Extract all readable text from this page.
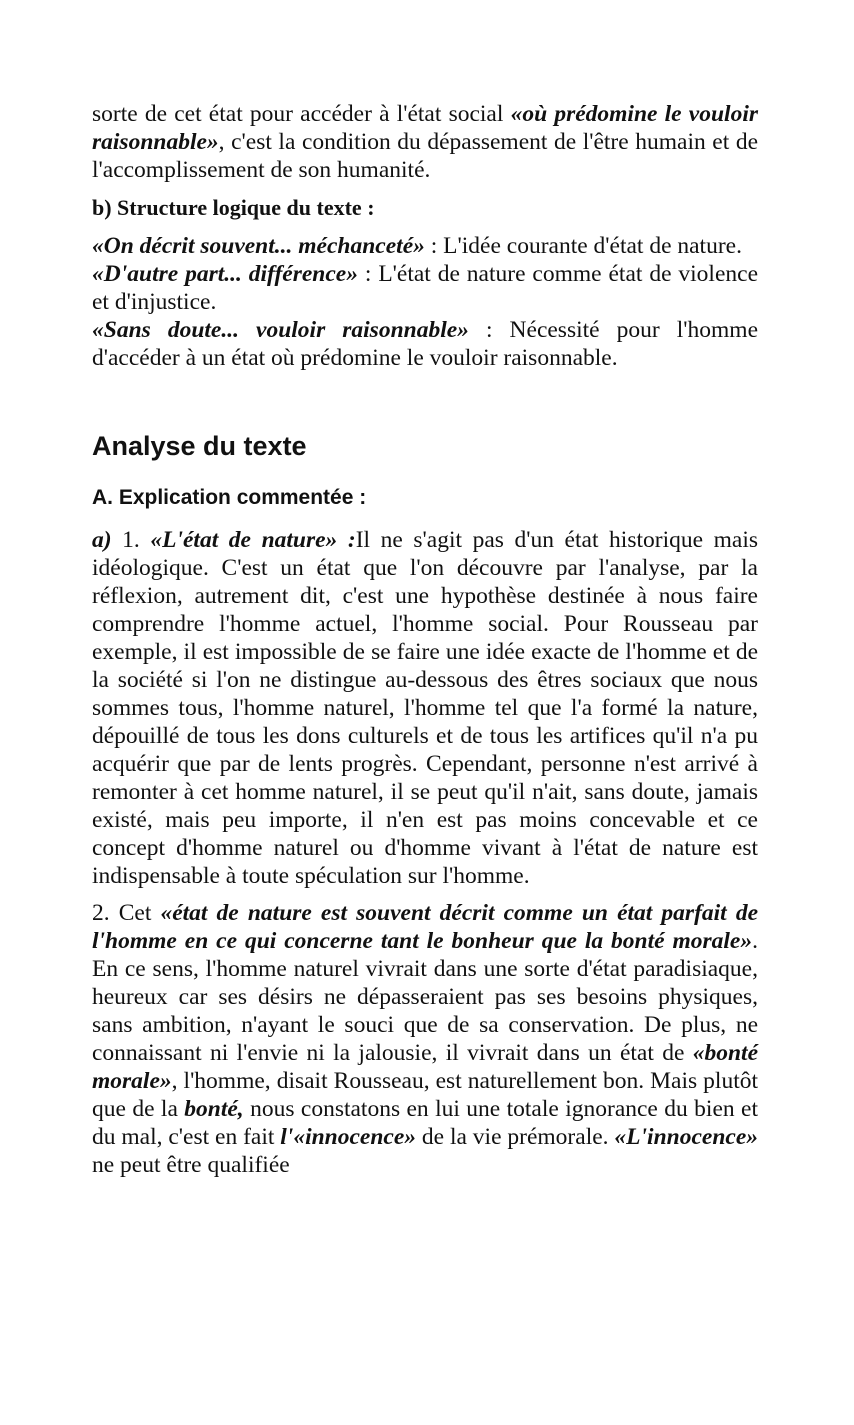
sorte de cet état pour accéder à l'état social «où prédomine le vouloir raisonnable», c'est la condition du dépassement de l'être humain et de l'accomplissement de son humanité.

b) Structure logique du texte :

«On décrit souvent... méchanceté» : L'idée courante d'état de nature.

«D'autre part... différence» : L'état de nature comme état de violence et d'injustice.

«Sans doute... vouloir raisonnable» : Nécessité pour l'homme d'accéder à un état où prédomine le vouloir raisonnable.

Analyse du texte
A. Explication commentée :

a) 1. «L'état de nature» :Il ne s'agit pas d'un état historique mais idéologique. C'est un état que l'on découvre par l'analyse, par la réflexion, autrement dit, c'est une hypothèse destinée à nous faire comprendre l'homme actuel, l'homme social. Pour Rousseau par exemple, il est impossible de se faire une idée exacte de l'homme et de la société si l'on ne distingue au-dessous des êtres sociaux que nous sommes tous, l'homme naturel, l'homme tel que l'a formé la nature, dépouillé de tous les dons culturels et de tous les artifices qu'il n'a pu acquérir que par de lents progrès. Cependant, personne n'est arrivé à remonter à cet homme naturel, il se peut qu'il n'ait, sans doute, jamais existé, mais peu importe, il n'en est pas moins concevable et ce concept d'homme naturel ou d'homme vivant à l'état de nature est indispensable à toute spéculation sur l'homme.

2. Cet «état de nature est souvent décrit comme un état parfait de l'homme en ce qui concerne tant le bonheur que la bonté morale». En ce sens, l'homme naturel vivrait dans une sorte d'état paradisiaque, heureux car ses désirs ne dépasseraient pas ses besoins physiques, sans ambition, n'ayant le souci que de sa conservation. De plus, ne connaissant ni l'envie ni la jalousie, il vivrait dans un état de «bonté morale», l'homme, disait Rousseau, est naturellement bon. Mais plutôt que de la bonté, nous constatons en lui une totale ignorance du bien et du mal, c'est en fait l'«innocence» de la vie prémorale. «L'innocence» ne peut être qualifiée
